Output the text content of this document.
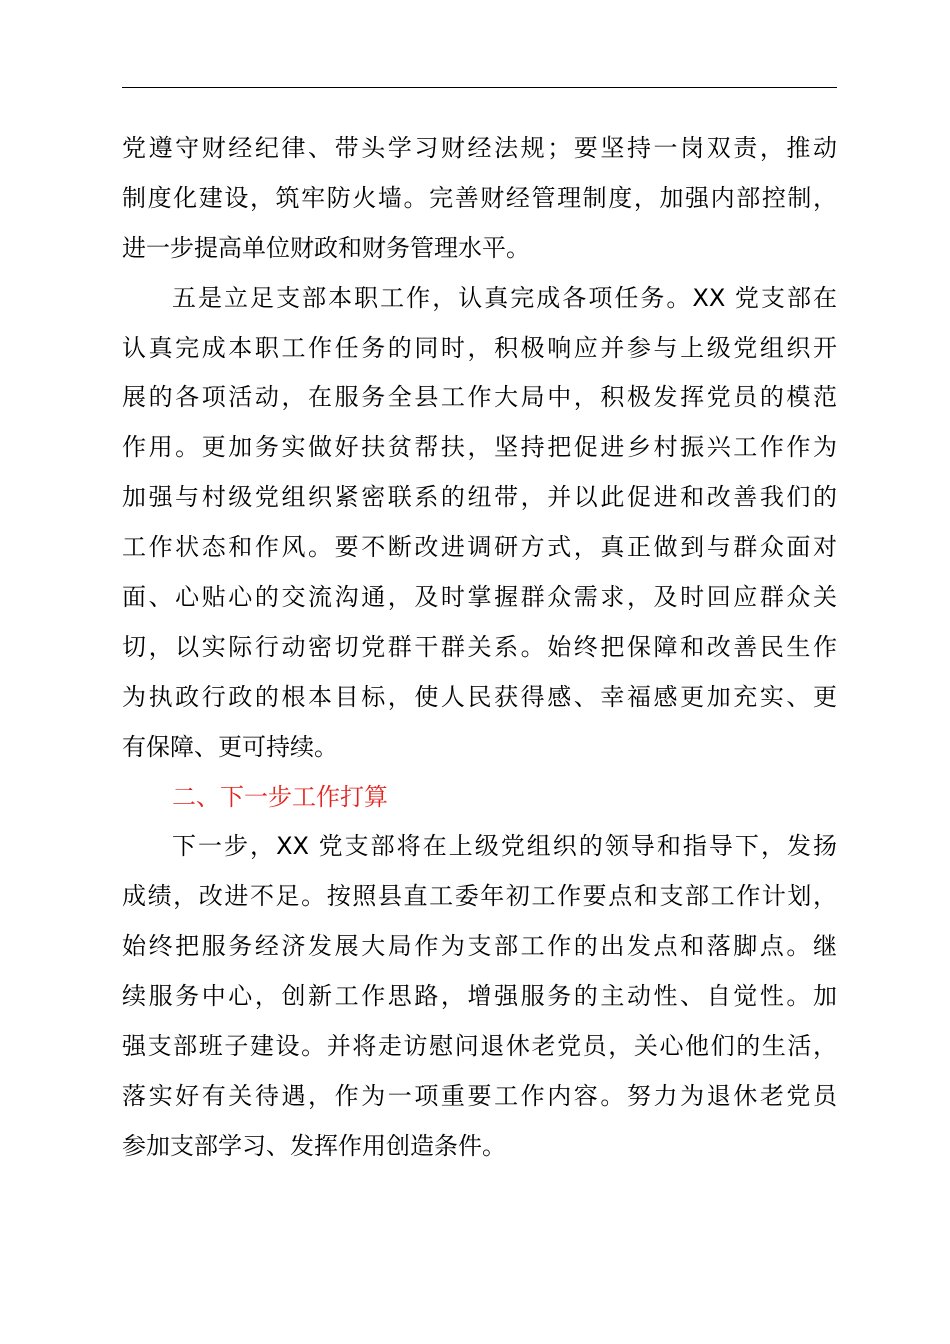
党遵守财经纪律、带头学习财经法规；要坚持一岗双责，推动
制度化建设，筑牢防火墙。完善财经管理制度，加强内部控制，
进一步提高单位财政和财务管理水平。
五是立足支部本职工作，认真完成各项任务。XX 党支部在
认真完成本职工作任务的同时，积极响应并参与上级党组织开
展的各项活动，在服务全县工作大局中，积极发挥党员的模范
作用。更加务实做好扶贫帮扶，坚持把促进乡村振兴工作作为
加强与村级党组织紧密联系的纽带，并以此促进和改善我们的
工作状态和作风。要不断改进调研方式，真正做到与群众面对
面、心贴心的交流沟通，及时掌握群众需求，及时回应群众关
切，以实际行动密切党群干群关系。始终把保障和改善民生作
为执政行政的根本目标，使人民获得感、幸福感更加充实、更
有保障、更可持续。
二、下一步工作打算
下一步，XX 党支部将在上级党组织的领导和指导下，发扬
成绩，改进不足。按照县直工委年初工作要点和支部工作计划，
始终把服务经济发展大局作为支部工作的出发点和落脚点。继
续服务中心，创新工作思路，增强服务的主动性、自觉性。加
强支部班子建设。并将走访慰问退休老党员，关心他们的生活，
落实好有关待遇，作为一项重要工作内容。努力为退休老党员
参加支部学习、发挥作用创造条件。
